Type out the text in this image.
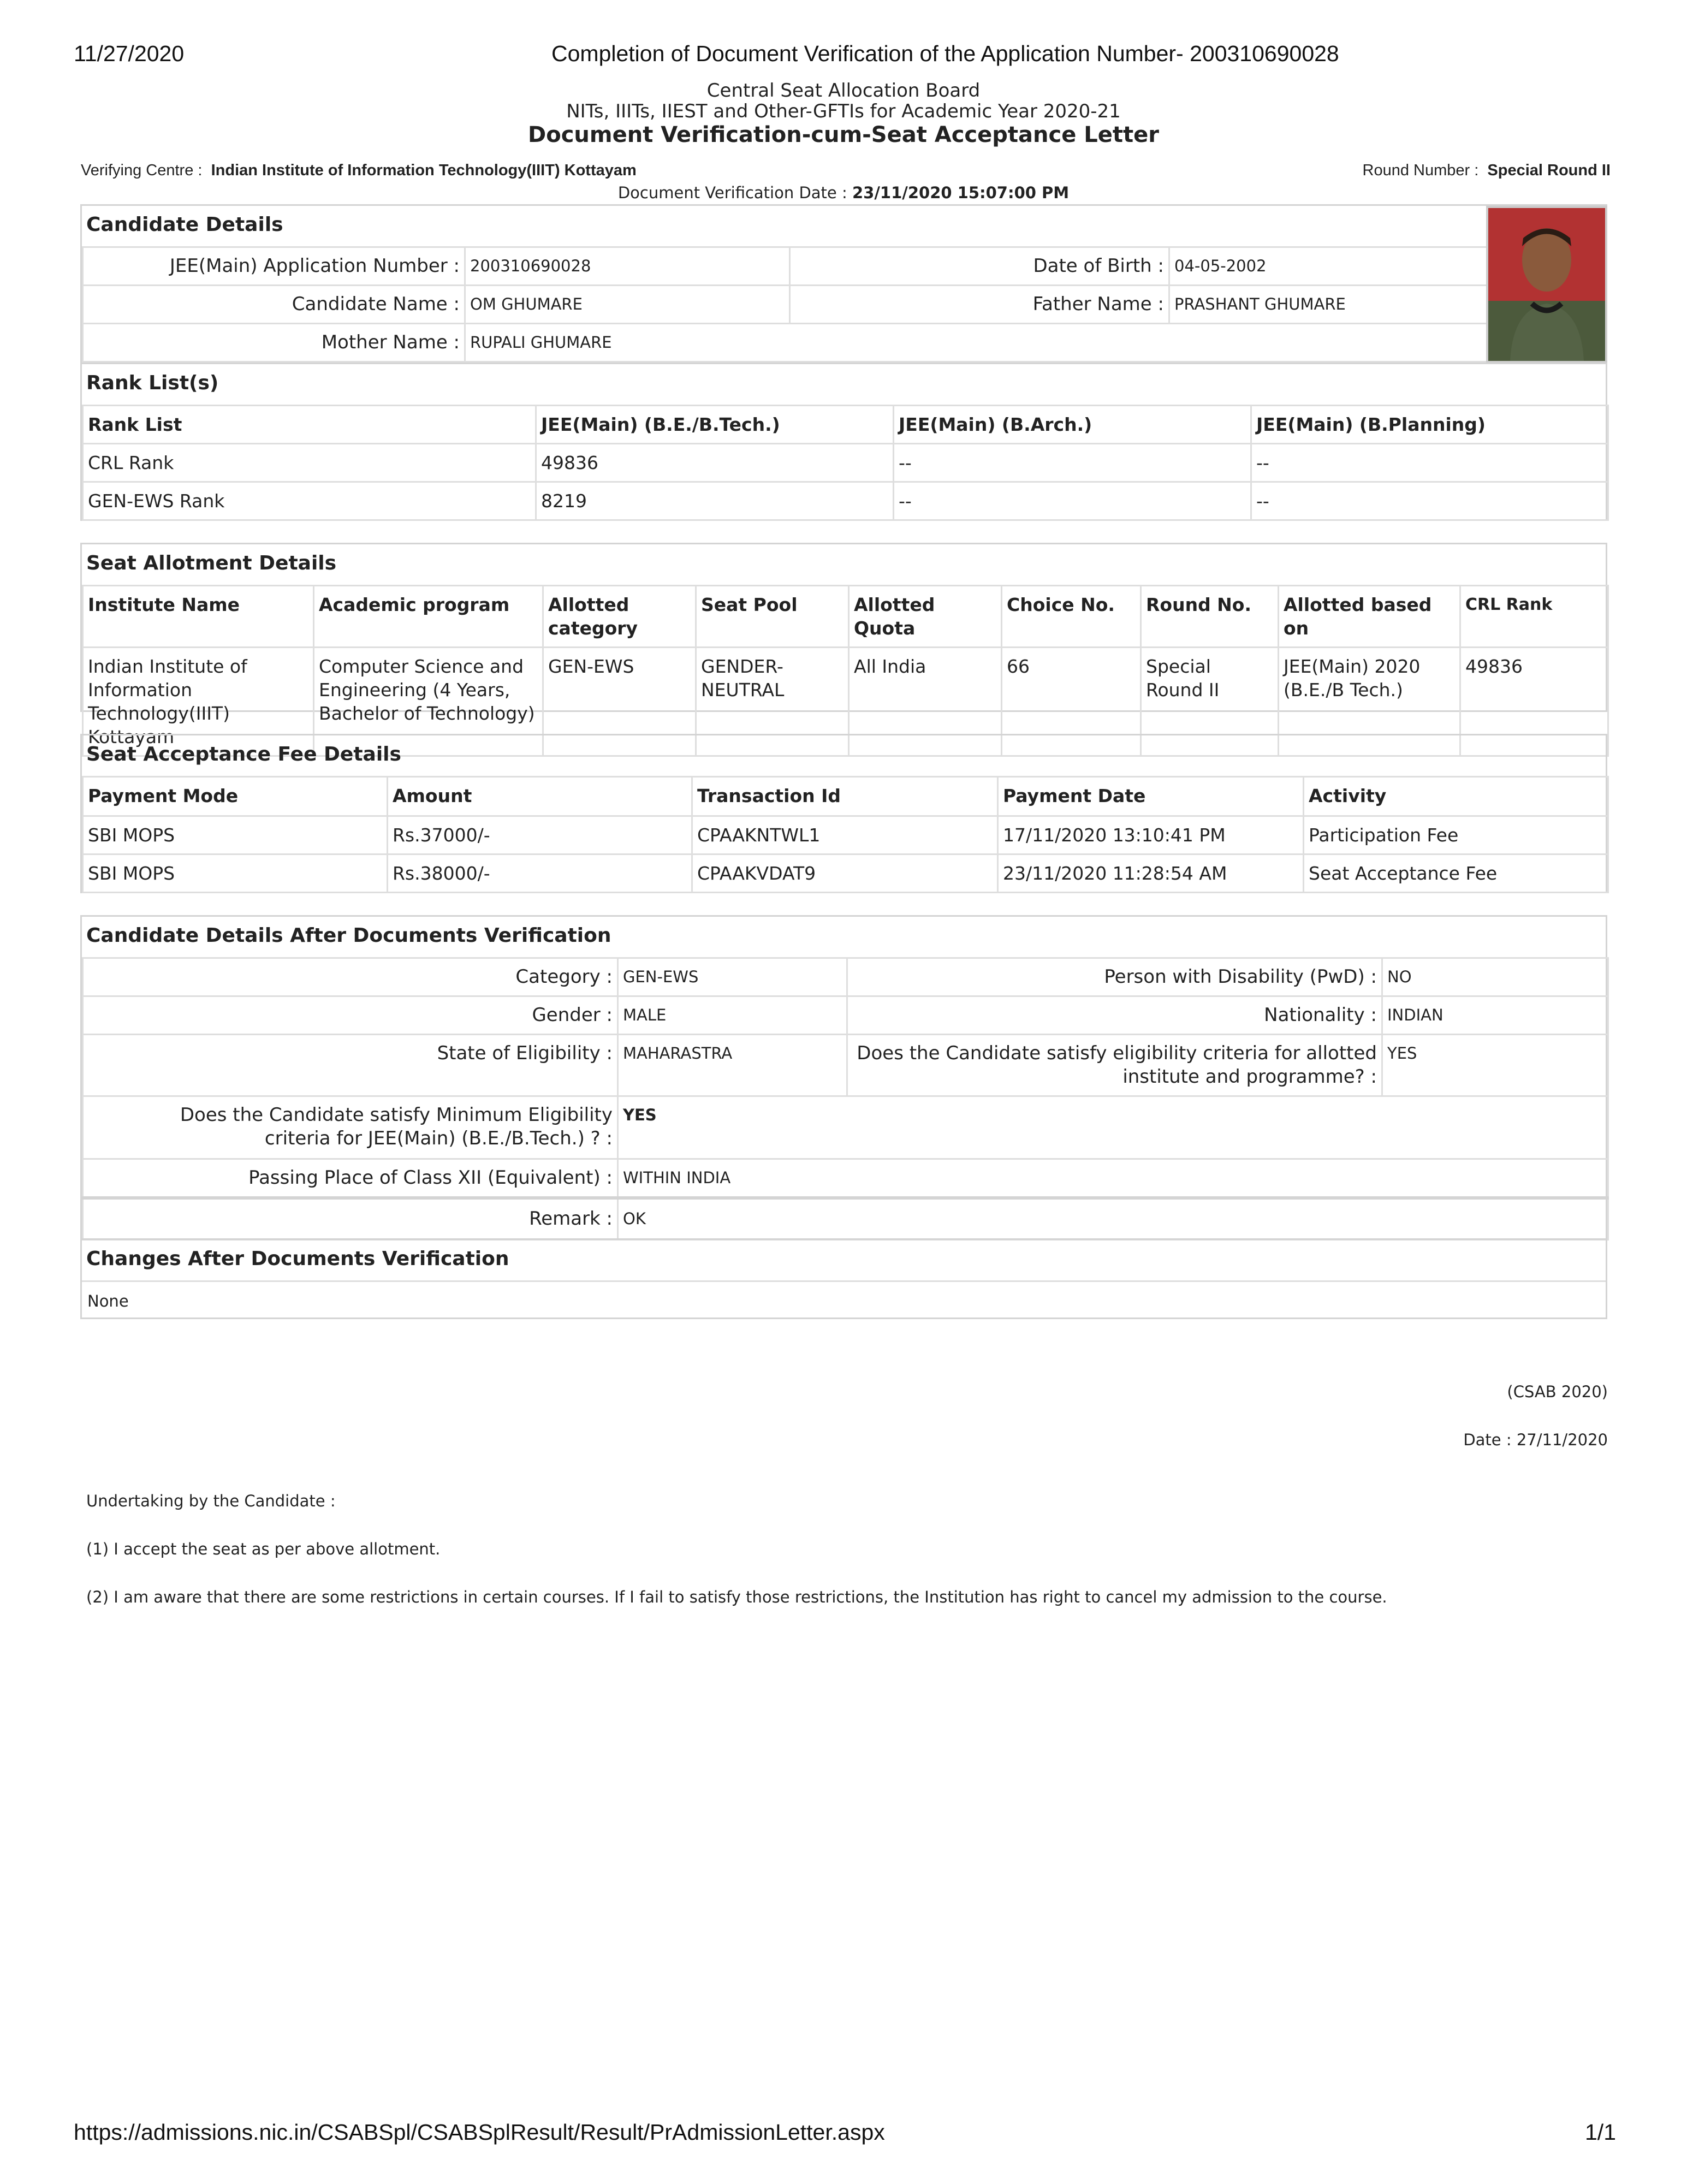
11/27/2020	Completion of Document Verification of the Application Number- 200310690028
Central Seat Allocation Board
NITs, IIITs, IIEST and Other-GFTIs for Academic Year 2020-21
Document Verification-cum-Seat Acceptance Letter
Verifying Centre : Indian Institute of Information Technology(IIIT) Kottayam	Round Number : Special Round II
Document Verification Date : 23/11/2020 15:07:00 PM
Candidate Details
JEE(Main) Application Number :	200310690028	Date of Birth :	04-05-2002
Candidate Name :	OM GHUMARE	Father Name :	PRASHANT GHUMARE
Mother Name :	RUPALI GHUMARE		
Rank List(s)
Rank List	JEE(Main) (B.E./B.Tech.)	JEE(Main) (B.Arch.)	JEE(Main) (B.Planning)
CRL Rank	49836	--	--
GEN-EWS Rank	8219	--	--
Seat Allotment Details
Institute Name	Academic program	Allotted category	Seat Pool	Allotted Quota	Choice No.	Round No.	Allotted based on	CRL Rank
Indian Institute of Information Technology(IIIT) Kottayam	Computer Science and Engineering (4 Years, Bachelor of Technology)	GEN-EWS	GENDER-NEUTRAL	All India	66	Special Round II	JEE(Main) 2020 (B.E./B Tech.)	49836
Seat Acceptance Fee Details
Payment Mode	Amount	Transaction Id	Payment Date	Activity
SBI MOPS	Rs.37000/-	CPAAKNTWL1	17/11/2020 13:10:41 PM	Participation Fee
SBI MOPS	Rs.38000/-	CPAAKVDAT9	23/11/2020 11:28:54 AM	Seat Acceptance Fee
Candidate Details After Documents Verification
Category :	GEN-EWS	Person with Disability (PwD) :	NO
Gender :	MALE	Nationality :	INDIAN
State of Eligibility :	MAHARASTRA	Does the Candidate satisfy eligibility criteria for allotted institute and programme? :	YES
Does the Candidate satisfy Minimum Eligibility criteria for JEE(Main) (B.E./B.Tech.) ? :	YES		
Passing Place of Class XII (Equivalent) :	WITHIN INDIA		
Remark :	OK		
Changes After Documents Verification
None
(CSAB 2020)
Date : 27/11/2020
Undertaking by the Candidate :
(1) I accept the seat as per above allotment.
(2) I am aware that there are some restrictions in certain courses. If I fail to satisfy those restrictions, the Institution has right to cancel my admission to the course.
https://admissions.nic.in/CSABSpl/CSABSplResult/Result/PrAdmissionLetter.aspx	1/1
